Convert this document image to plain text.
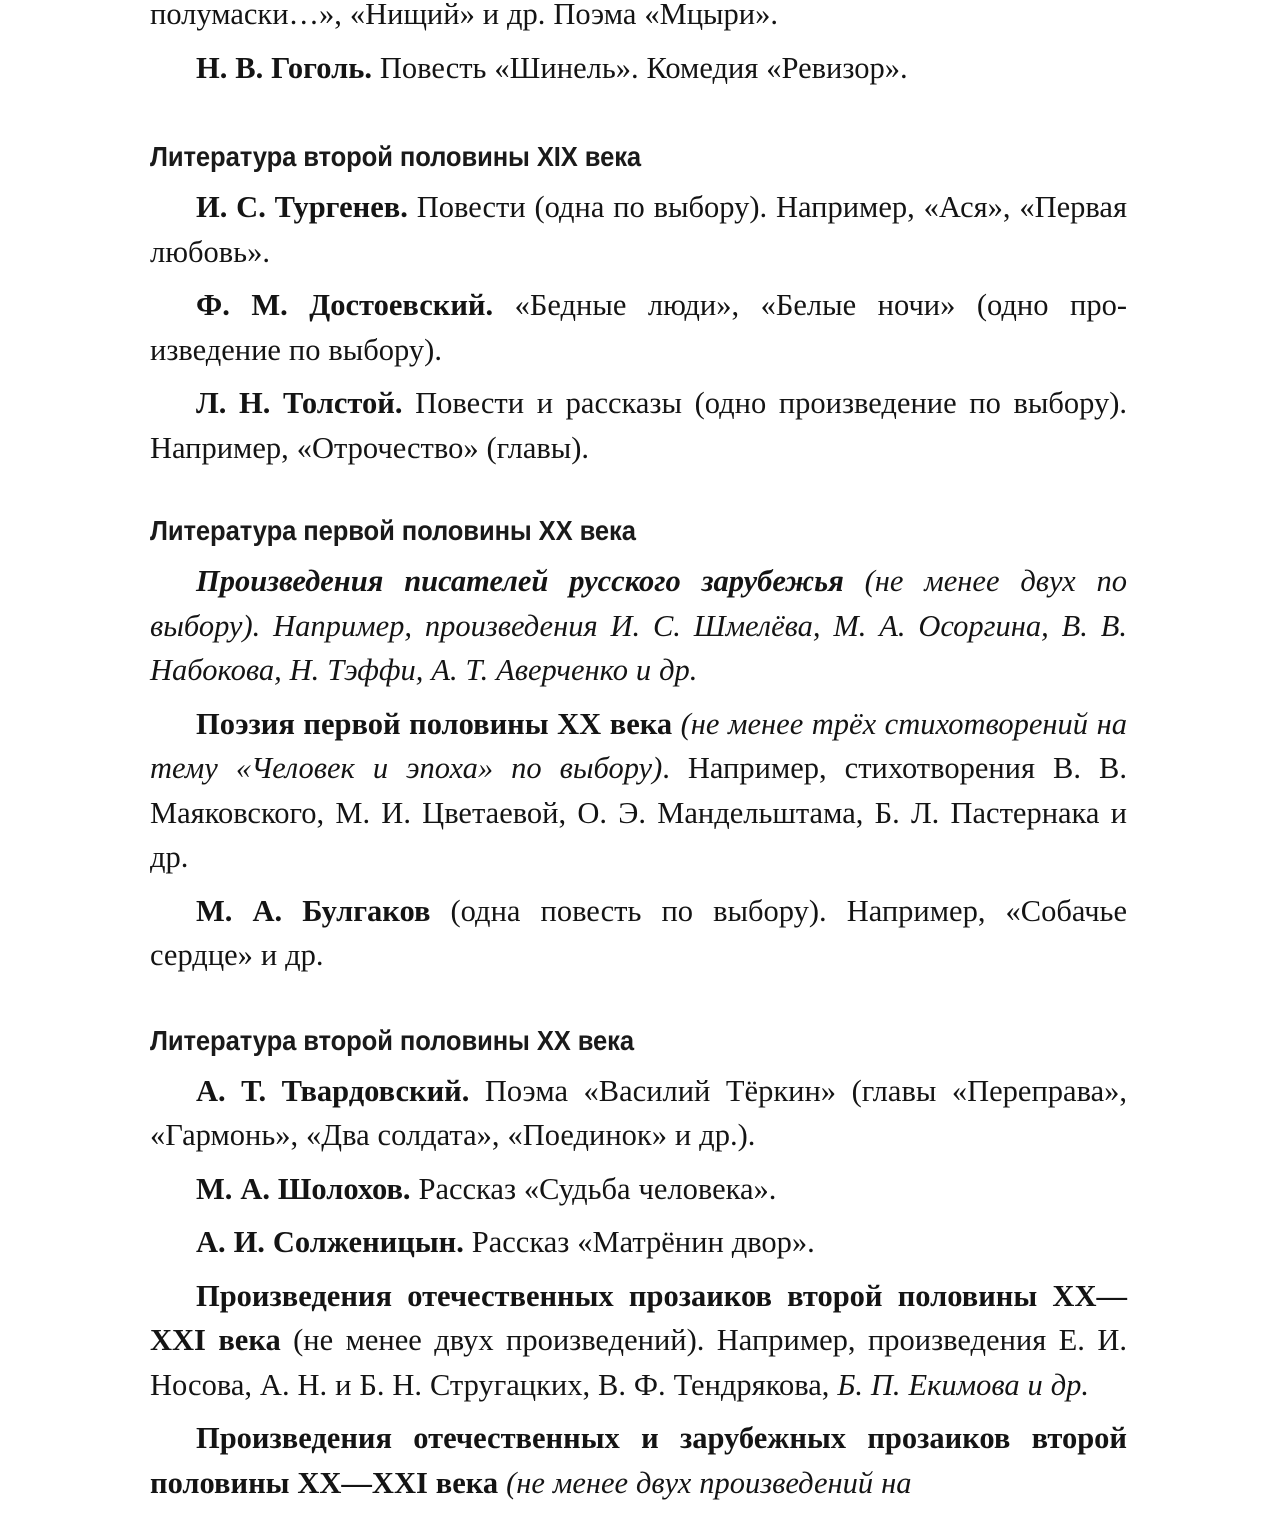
полумаски…», «Нищий» и др. Поэма «Мцыри».

Н. В. Гоголь. Повесть «Шинель». Комедия «Ревизор».

Литература второй половины XIX века

И. С. Тургенев. Повести (одна по выбору). Например, «Ася», «Первая любовь».

Ф. М. Достоевский. «Бедные люди», «Белые ночи» (одно произведение по выбору).

Л. Н. Толстой. Повести и рассказы (одно произведение по выбору). Например, «Отрочество» (главы).

Литература первой половины XX века

Произведения писателей русского зарубежья (не менее двух по выбору). Например, произведения И. С. Шмелёва, М. А. Осоргина, В. В. Набокова, Н. Тэффи, А. Т. Аверченко и др.

Поэзия первой половины XX века (не менее трёх стихотворений на тему «Человек и эпоха» по выбору). Например, стихотворения В. В. Маяковского, М. И. Цветаевой, О. Э. Мандельштама, Б. Л. Пастернака и др.

М. А. Булгаков (одна повесть по выбору). Например, «Собачье сердце» и др.

Литература второй половины XX века

А. Т. Твардовский. Поэма «Василий Тёркин» (главы «Переправа», «Гармонь», «Два солдата», «Поединок» и др.).

М. А. Шолохов. Рассказ «Судьба человека».

А. И. Солженицын. Рассказ «Матрёнин двор».

Произведения отечественных прозаиков второй половины XX—XXI века (не менее двух произведений). Например, произведения Е. И. Носова, А. Н. и Б. Н. Стругацких, В. Ф. Тендрякова, Б. П. Екимова и др.

Произведения отечественных и зарубежных прозаиков второй половины XX—XXI века (не менее двух произведений на
